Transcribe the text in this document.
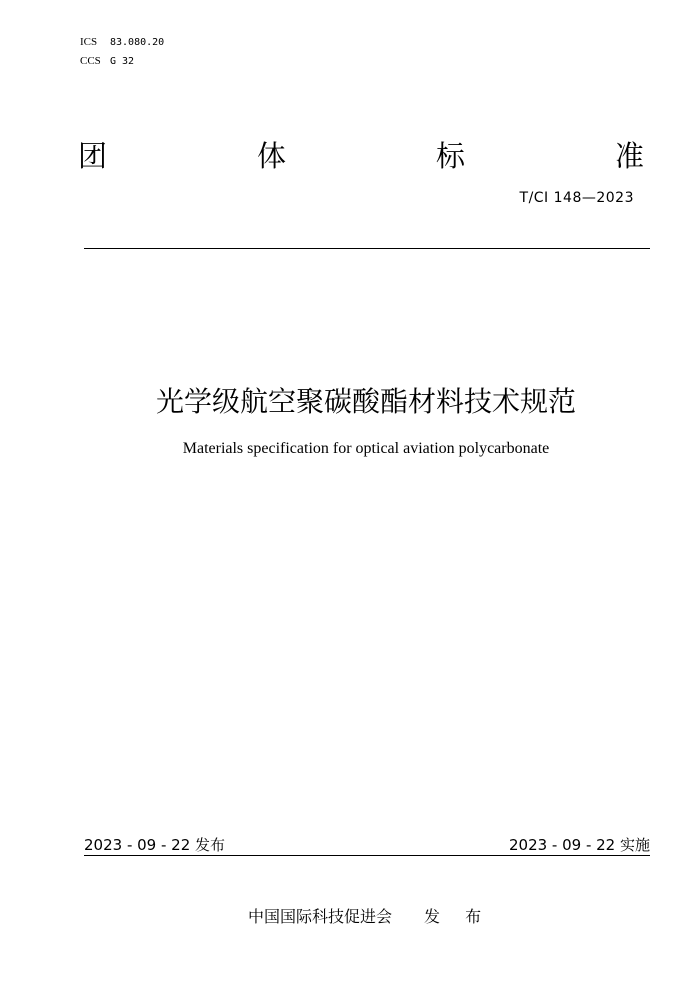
ICS 83.080.20
CCS G 32
团	体	标	准
T/CI 148—2023
光学级航空聚碳酸酯材料技术规范
Materials specification for optical aviation polycarbonate
2023 - 09 - 22 发布	2023 - 09 - 22 实施
中国国际科技促进会 发 布
